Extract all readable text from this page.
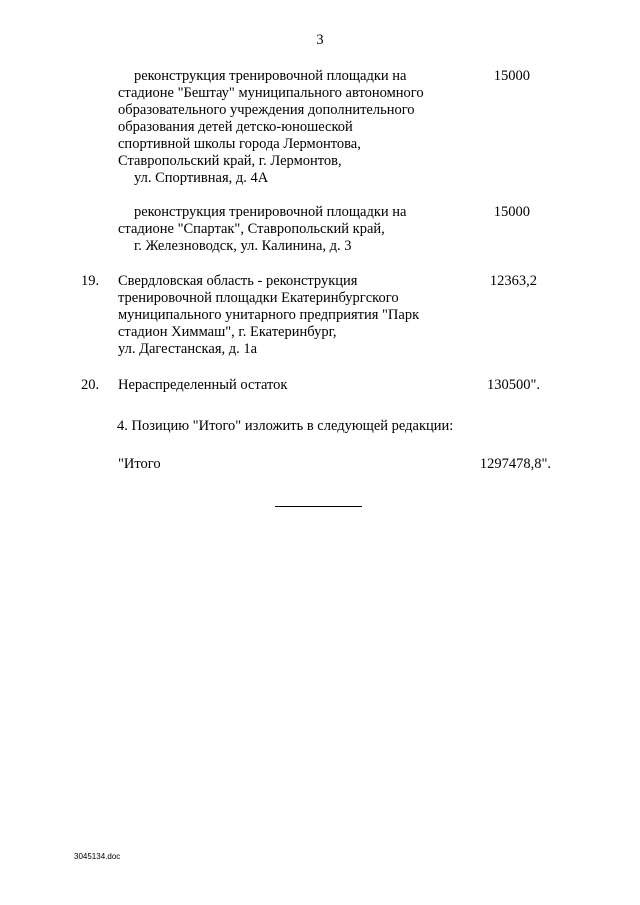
3
реконструкция тренировочной площадки на
стадионе "Бештау" муниципального автономного
образовательного учреждения дополнительного
образования детей детско-юношеской
спортивной школы города Лермонтова,
Ставропольский край, г. Лермонтов,
ул. Спортивная, д. 4А
15000
реконструкция тренировочной площадки на
стадионе "Спартак", Ставропольский край,
г. Железноводск, ул. Калинина, д. 3
15000
19. Свердловская область - реконструкция
тренировочной площадки Екатеринбургского
муниципального унитарного предприятия "Парк
стадион Химмаш", г. Екатеринбург,
ул. Дагестанская, д. 1а
12363,2
20. Нераспределенный остаток	130500".
4. Позицию "Итого" изложить в следующей редакции:
"Итого	1297478,8".
3045134.doc
